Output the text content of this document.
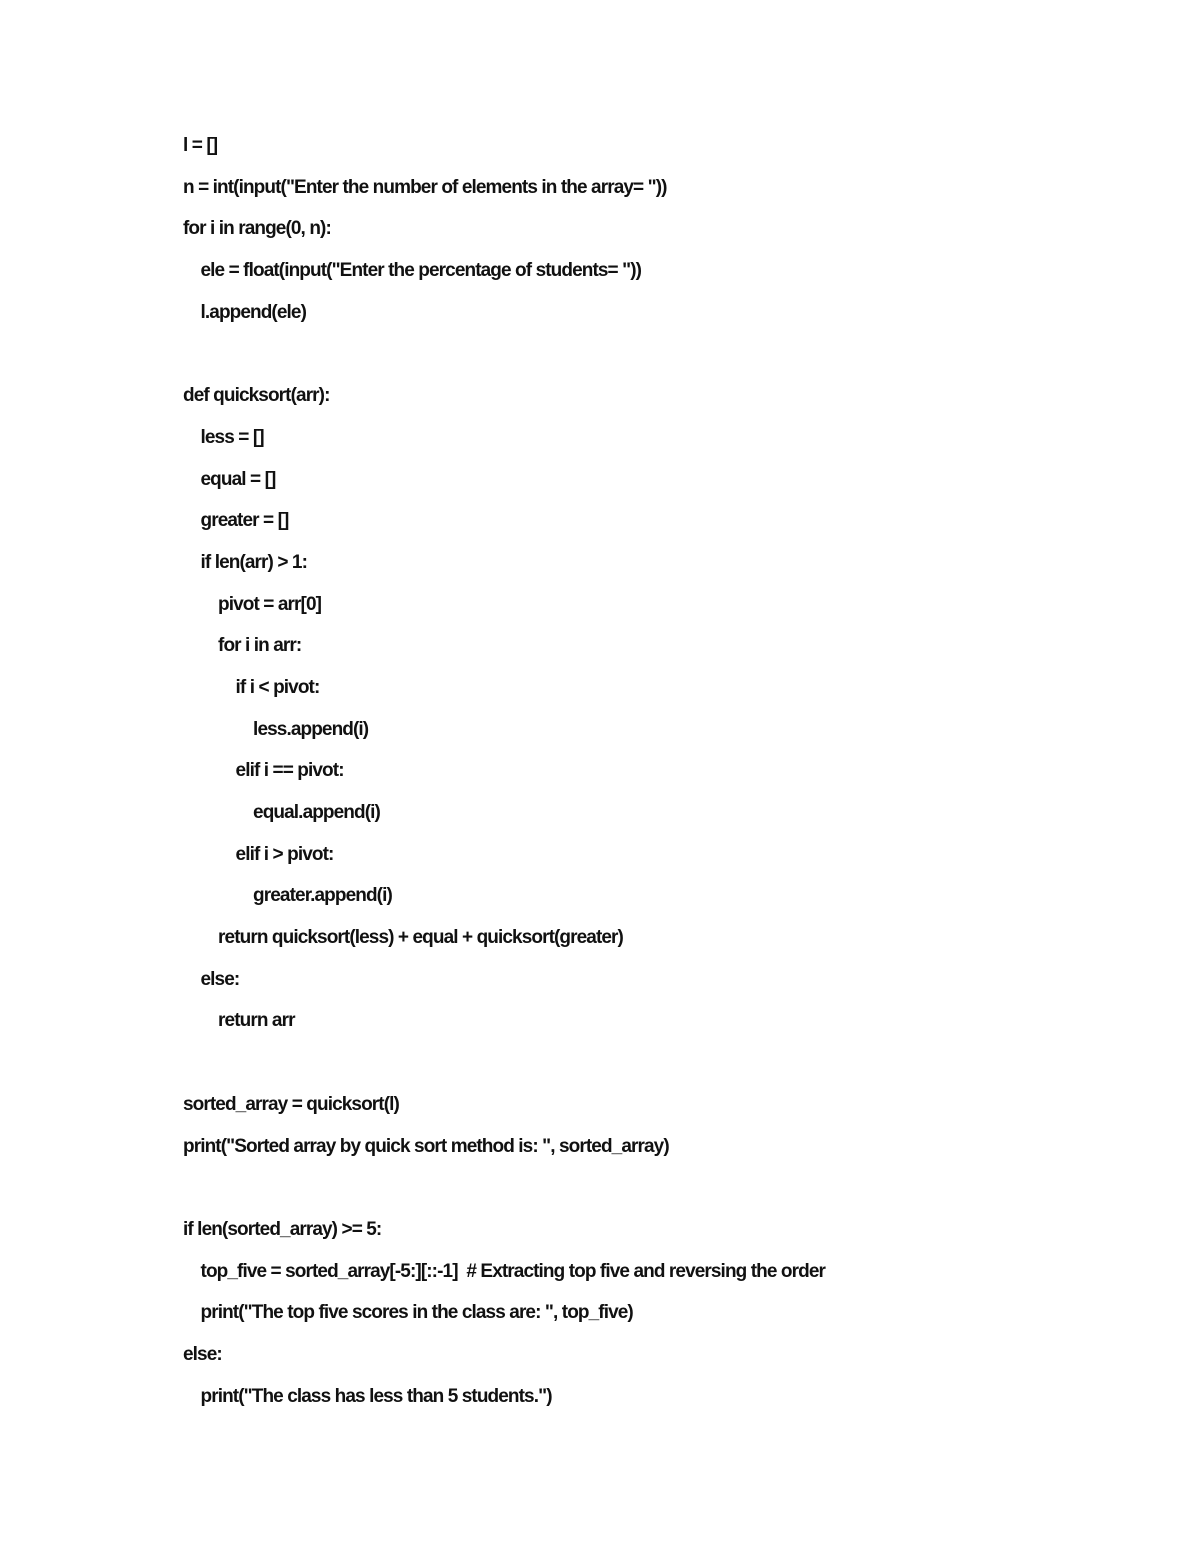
l = []
n = int(input("Enter the number of elements in the array= "))
for i in range(0, n):
ele = float(input("Enter the percentage of students= "))
l.append(ele)
def quicksort(arr):
less = []
equal = []
greater = []
if len(arr) > 1:
pivot = arr[0]
for i in arr:
if i < pivot:
less.append(i)
elif i == pivot:
equal.append(i)
elif i > pivot:
greater.append(i)
return quicksort(less) + equal + quicksort(greater)
else:
return arr
sorted_array = quicksort(l)
print("Sorted array by quick sort method is: ", sorted_array)
if len(sorted_array) >= 5:
top_five = sorted_array[-5:][::-1]  # Extracting top five and reversing the order
print("The top five scores in the class are: ", top_five)
else:
print("The class has less than 5 students.")
